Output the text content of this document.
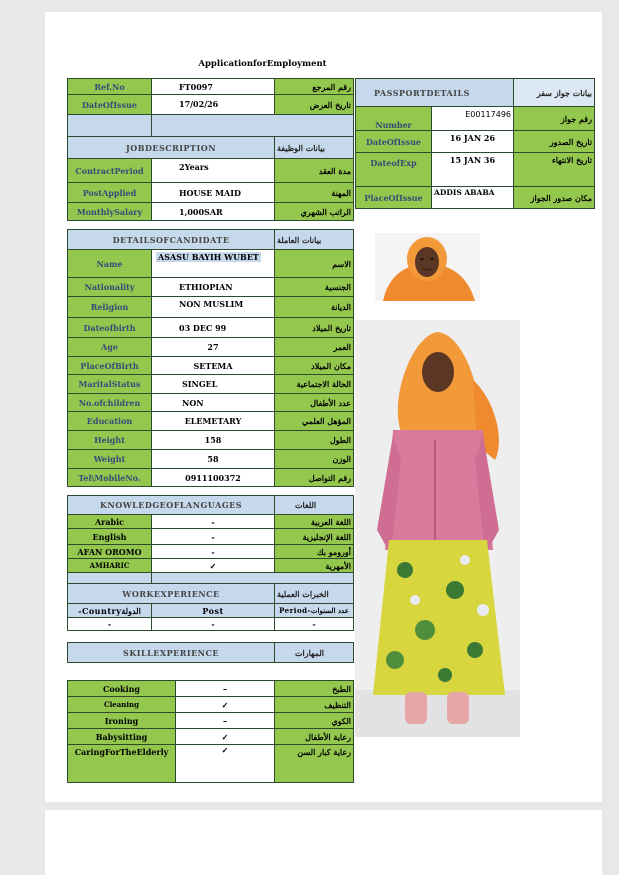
ApplicationforEmployment
Ref.No	FT0097	رقم المرجع
DateOfIssue	17/02/26	تاريخ العرض

JOBDESCRIPTION		بيانات الوظيفة
ContractPeriod	2Years	مدة العقد
PostApplied	HOUSE MAID	المهنة
MonthlySalary	1,000SAR	الراتب الشهري

DETAILSOFCANDIDATE		بيانات العاملة
Name	ASASU BAYIH WUBET	الاسم
Nationality	ETHIOPIAN	الجنسية
Religion	NON MUSLIM	الديانة
Dateofbirth	03 DEC 99	تاريخ الميلاد
Age	27	العمر
PlaceOfBirth	SETEMA	مكان الميلاد
MaritalStatus	SINGEL	الحالة الاجتماعية
No.ofchildren	NON	عدد الأطفال
Education	ELEMETARY	المؤهل العلمي
Height	158	الطول
Weight	58	الوزن
Tel\MobileNo.	0911100372	رقم التواصل

KNOWLEDGEOFLANGUAGES		اللغات
Arabic	-	اللغة العربية
English	-	اللغة الإنجليزية
AFAN OROMO	-	أورومو بك
AMHARIC	✓	الأمهرية

WORKEXPERIENCE		الخبرات العملية
-Countryالدولة	Post	Period-عدد السنوات
-	-	-

SKILLEXPERIENCE		المهارات
Cooking	–	الطبخ
Cleaning	✓	التنظيف
Ironing	–	الكوي
Babysitting	✓	رعاية الأطفال
CaringForTheElderly	✓	رعاية كبار السن
PASSPORTDETAILS		بيانات جواز سفر
Number	E00117496	رقم جواز
DateOfIssue	16 JAN 26	تاريخ الصدور
DateofExp	15 JAN 36	تاريخ الانتهاء
PlaceOfIssue	ADDIS ABABA	مكان صدور الجواز
